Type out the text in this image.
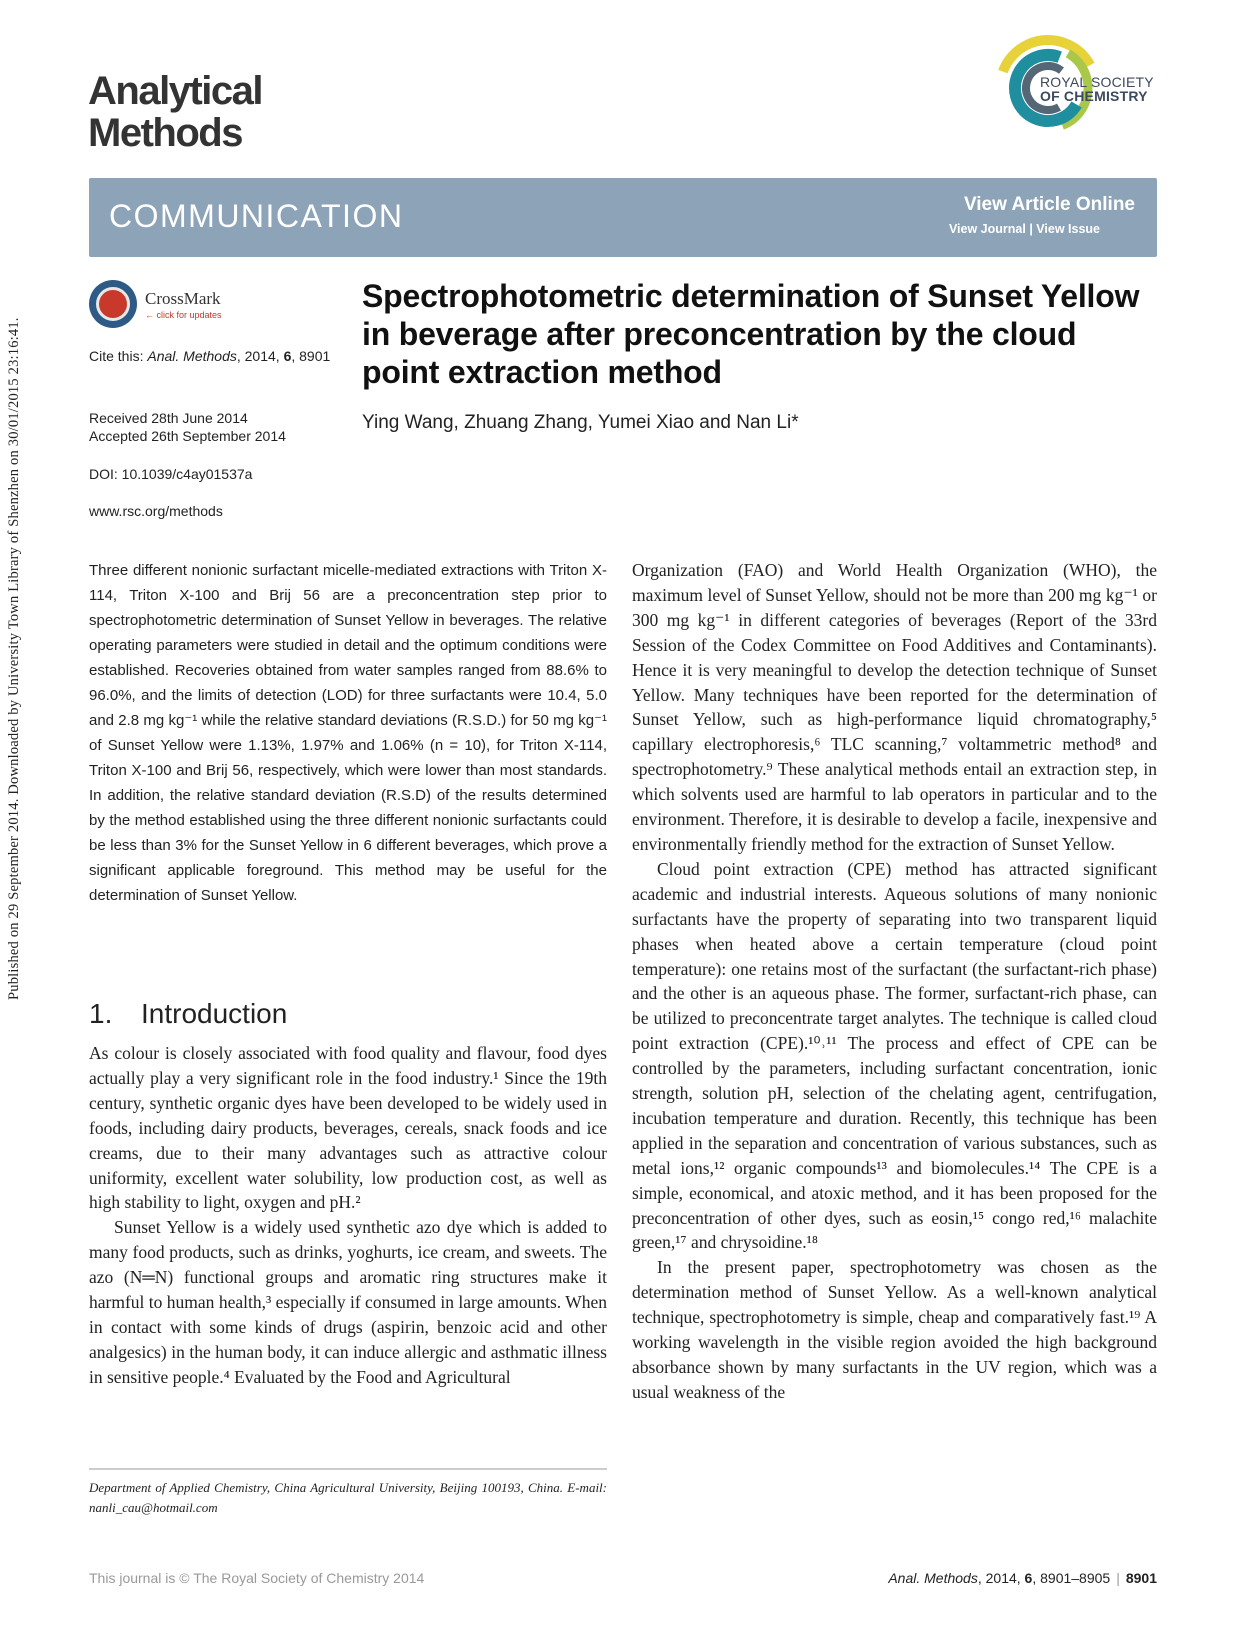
Published on 29 September 2014. Downloaded by University Town Library of Shenzhen on 30/01/2015 23:16:41.
Analytical
Methods
ROYAL SOCIETY
OF CHEMISTRY
COMMUNICATION	View Article Online
View Journal | View Issue
CrossMark
← click for updates
Cite this: Anal. Methods, 2014, 6, 8901
Received 28th June 2014
Accepted 26th September 2014
DOI: 10.1039/c4ay01537a
www.rsc.org/methods
Spectrophotometric determination of Sunset Yellow in beverage after preconcentration by the cloud point extraction method
Ying Wang, Zhuang Zhang, Yumei Xiao and Nan Li*

Three different nonionic surfactant micelle-mediated extractions with Triton X-114, Triton X-100 and Brij 56 are a preconcentration step prior to spectrophotometric determination of Sunset Yellow in beverages. The relative operating parameters were studied in detail and the optimum conditions were established. Recoveries obtained from water samples ranged from 88.6% to 96.0%, and the limits of detection (LOD) for three surfactants were 10.4, 5.0 and 2.8 mg kg⁻¹ while the relative standard deviations (R.S.D.) for 50 mg kg⁻¹ of Sunset Yellow were 1.13%, 1.97% and 1.06% (n = 10), for Triton X-114, Triton X-100 and Brij 56, respectively, which were lower than most standards. In addition, the relative standard deviation (R.S.D) of the results determined by the method established using the three different nonionic surfactants could be less than 3% for the Sunset Yellow in 6 different beverages, which prove a significant applicable foreground. This method may be useful for the determination of Sunset Yellow.

1. Introduction

As colour is closely associated with food quality and flavour, food dyes actually play a very significant role in the food industry.¹ Since the 19th century, synthetic organic dyes have been developed to be widely used in foods, including dairy products, beverages, cereals, snack foods and ice creams, due to their many advantages such as attractive colour uniformity, excellent water solubility, low production cost, as well as high stability to light, oxygen and pH.²

Sunset Yellow is a widely used synthetic azo dye which is added to many food products, such as drinks, yoghurts, ice cream, and sweets. The azo (N═N) functional groups and aromatic ring structures make it harmful to human health,³ especially if consumed in large amounts. When in contact with some kinds of drugs (aspirin, benzoic acid and other analgesics) in the human body, it can induce allergic and asthmatic illness in sensitive people.⁴ Evaluated by the Food and Agricultural

Organization (FAO) and World Health Organization (WHO), the maximum level of Sunset Yellow, should not be more than 200 mg kg⁻¹ or 300 mg kg⁻¹ in different categories of beverages (Report of the 33rd Session of the Codex Committee on Food Additives and Contaminants). Hence it is very meaningful to develop the detection technique of Sunset Yellow. Many techniques have been reported for the determination of Sunset Yellow, such as high-performance liquid chromatography,⁵ capillary electrophoresis,⁶ TLC scanning,⁷ voltammetric method⁸ and spectrophotometry.⁹ These analytical methods entail an extraction step, in which solvents used are harmful to lab operators in particular and to the environment. Therefore, it is desirable to develop a facile, inexpensive and environmentally friendly method for the extraction of Sunset Yellow.

Cloud point extraction (CPE) method has attracted significant academic and industrial interests. Aqueous solutions of many nonionic surfactants have the property of separating into two transparent liquid phases when heated above a certain temperature (cloud point temperature): one retains most of the surfactant (the surfactant-rich phase) and the other is an aqueous phase. The former, surfactant-rich phase, can be utilized to preconcentrate target analytes. The technique is called cloud point extraction (CPE).¹⁰˒¹¹ The process and effect of CPE can be controlled by the parameters, including surfactant concentration, ionic strength, solution pH, selection of the chelating agent, centrifugation, incubation temperature and duration. Recently, this technique has been applied in the separation and concentration of various substances, such as metal ions,¹² organic compounds¹³ and biomolecules.¹⁴ The CPE is a simple, economical, and atoxic method, and it has been proposed for the preconcentration of other dyes, such as eosin,¹⁵ congo red,¹⁶ malachite green,¹⁷ and chrysoidine.¹⁸

In the present paper, spectrophotometry was chosen as the determination method of Sunset Yellow. As a well-known analytical technique, spectrophotometry is simple, cheap and comparatively fast.¹⁹ A working wavelength in the visible region avoided the high background absorbance shown by many surfactants in the UV region, which was a usual weakness of the

Department of Applied Chemistry, China Agricultural University, Beijing 100193, China. E-mail: nanli_cau@hotmail.com
This journal is © The Royal Society of Chemistry 2014	Anal. Methods, 2014, 6, 8901–8905 | 8901
